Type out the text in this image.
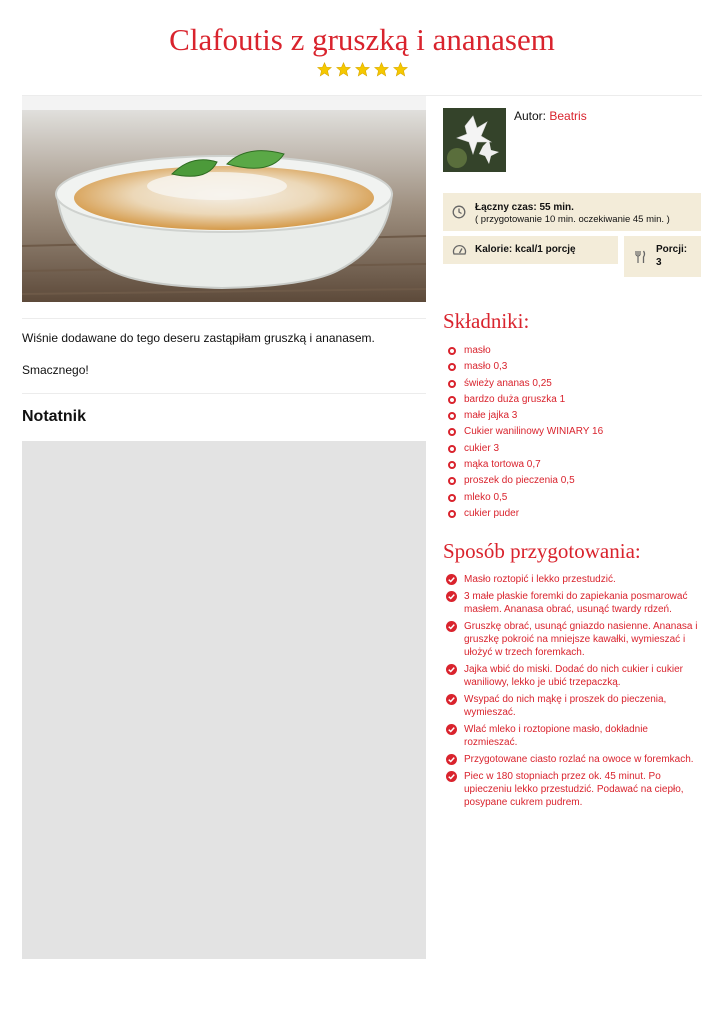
Clafoutis z gruszką i ananasem

Wiśnie dodawane do tego deseru zastąpiłam gruszką i ananasem.

Smacznego!

Notatnik

Autor: Beatris

Łączny czas: 55 min.
( przygotowanie 10 min. oczekiwanie 45 min. )
Kalorie: kcal/1 porcję	Porcji:
3
Składniki:
masło
masło 0,3
świeży ananas 0,25
bardzo duża gruszka 1
małe jajka 3
Cukier wanilinowy WINIARY 16
cukier 3
mąka tortowa 0,7
proszek do pieczenia 0,5
mleko 0,5
cukier puder
Sposób przygotowania:
Masło roztopić i lekko przestudzić.
3 małe płaskie foremki do zapiekania posmarować masłem. Ananasa obrać, usunąć twardy rdzeń.
Gruszkę obrać, usunąć gniazdo nasienne. Ananasa i gruszkę pokroić na mniejsze kawałki, wymieszać i ułożyć w trzech foremkach.
Jajka wbić do miski. Dodać do nich cukier i cukier waniliowy, lekko je ubić trzepaczką.
Wsypać do nich mąkę i proszek do pieczenia, wymieszać.
Wlać mleko i roztopione masło, dokładnie rozmieszać.
Przygotowane ciasto rozlać na owoce w foremkach.
Piec w 180 stopniach przez ok. 45 minut. Po upieczeniu lekko przestudzić. Podawać na ciepło, posypane cukrem pudrem.
